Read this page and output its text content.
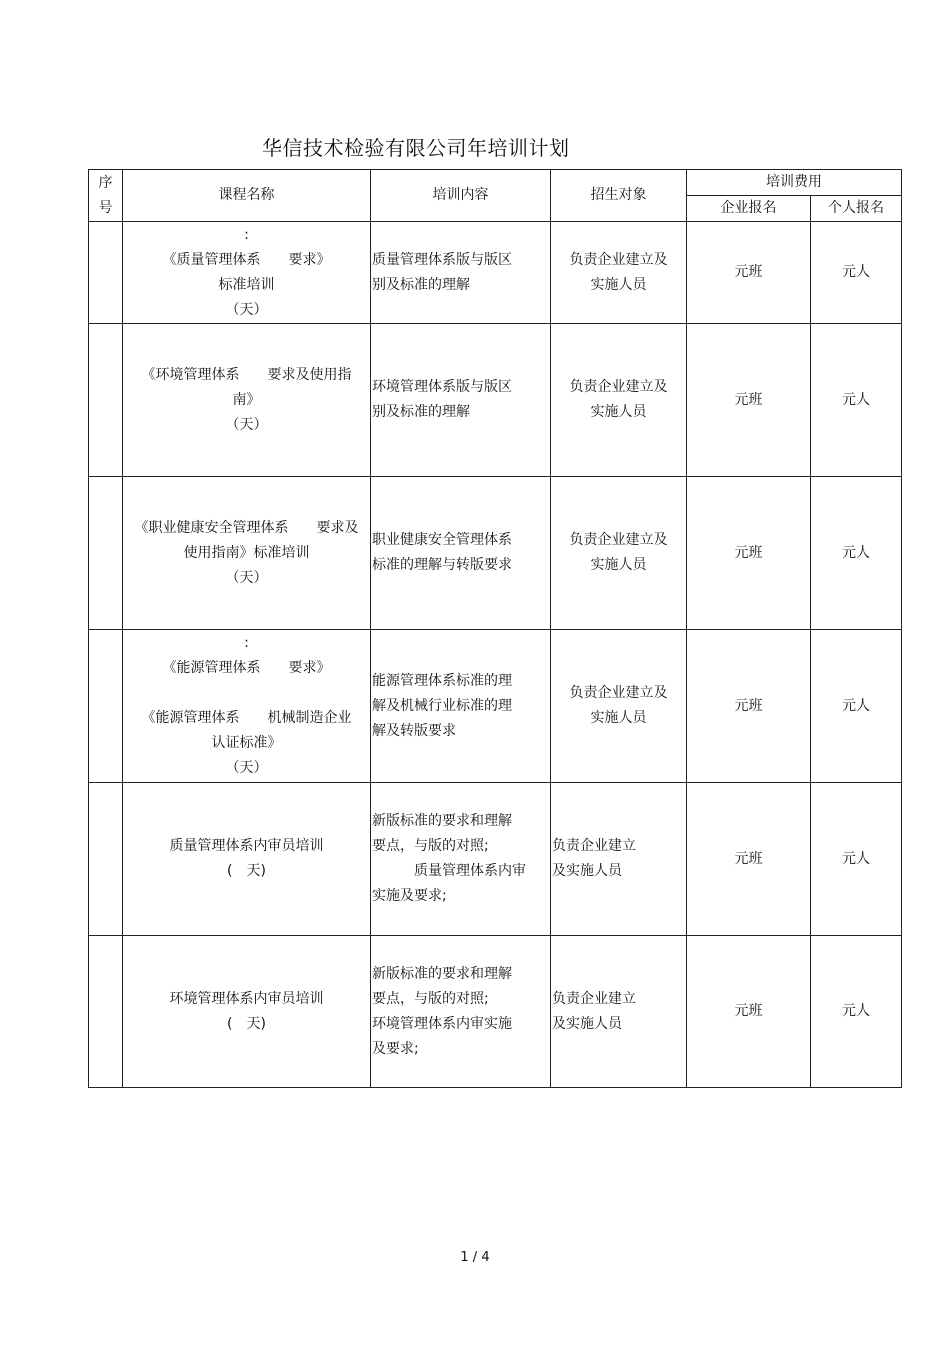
华信技术检验有限公司年培训计划
序
号	课程名称	培训内容	招生对象	培训费用	
				企业报名	个人报名
	:
《质量管理体系　　要求》
标准培训
（天）	质量管理体系版与版区
别及标准的理解	负责企业建立及
实施人员	元班	元人
	《环境管理体系　　要求及使用指
南》
（天）	环境管理体系版与版区
别及标准的理解	负责企业建立及
实施人员	元班	元人
	《职业健康安全管理体系　　要求及
使用指南》标准培训
（天）	职业健康安全管理体系
标准的理解与转版要求	负责企业建立及
实施人员	元班	元人
	:
《能源管理体系　　要求》

《能源管理体系　　机械制造企业
认证标准》
（天）	能源管理体系标准的理
解及机械行业标准的理
解及转版要求	负责企业建立及
实施人员	元班	元人
	质量管理体系内审员培训
(　天)	新版标准的要求和理解
要点，与版的对照;
　　　质量管理体系内审
实施及要求;	负责企业建立
及实施人员	元班	元人
	环境管理体系内审员培训
(　天)	新版标准的要求和理解
要点，与版的对照;
环境管理体系内审实施
及要求;	负责企业建立
及实施人员	元班	元人
1 / 4
